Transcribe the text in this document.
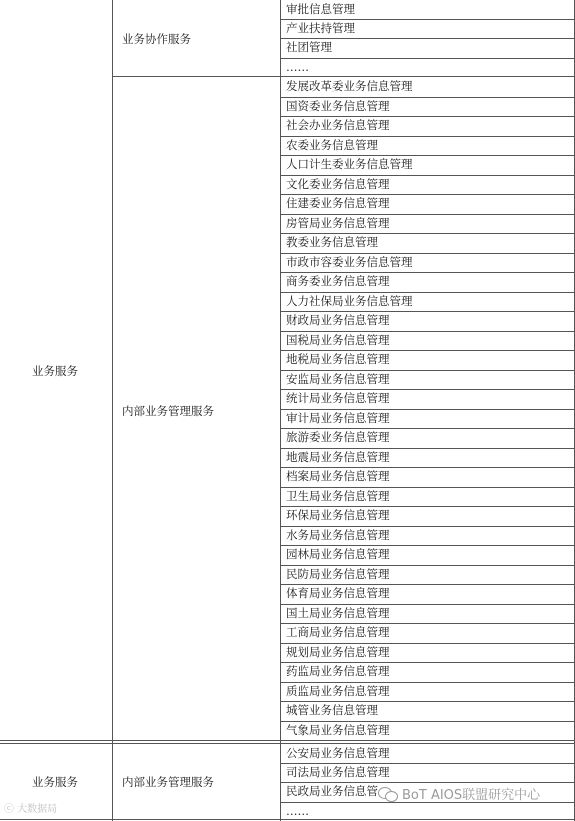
业务协作服务
业务服务
内部业务管理服务
业务服务	内部业务管理服务
审批信息管理
产业扶持管理
社团管理
……
发展改革委业务信息管理
国资委业务信息管理
社会办业务信息管理
农委业务信息管理
人口计生委业务信息管理
文化委业务信息管理
住建委业务信息管理
房管局业务信息管理
教委业务信息管理
市政市容委业务信息管理
商务委业务信息管理
人力社保局业务信息管理
财政局业务信息管理
国税局业务信息管理
地税局业务信息管理
安监局业务信息管理
统计局业务信息管理
审计局业务信息管理
旅游委业务信息管理
地震局业务信息管理
档案局业务信息管理
卫生局业务信息管理
环保局业务信息管理
水务局业务信息管理
园林局业务信息管理
民防局业务信息管理
体育局业务信息管理
国土局业务信息管理
工商局业务信息管理
规划局业务信息管理
药监局业务信息管理
质监局业务信息管理
城管业务信息管理
气象局业务信息管理
公安局业务信息管理
司法局业务信息管理
民政局业务信息管
……
ⓒ 大数据局
BoT AIOS联盟研究中心
